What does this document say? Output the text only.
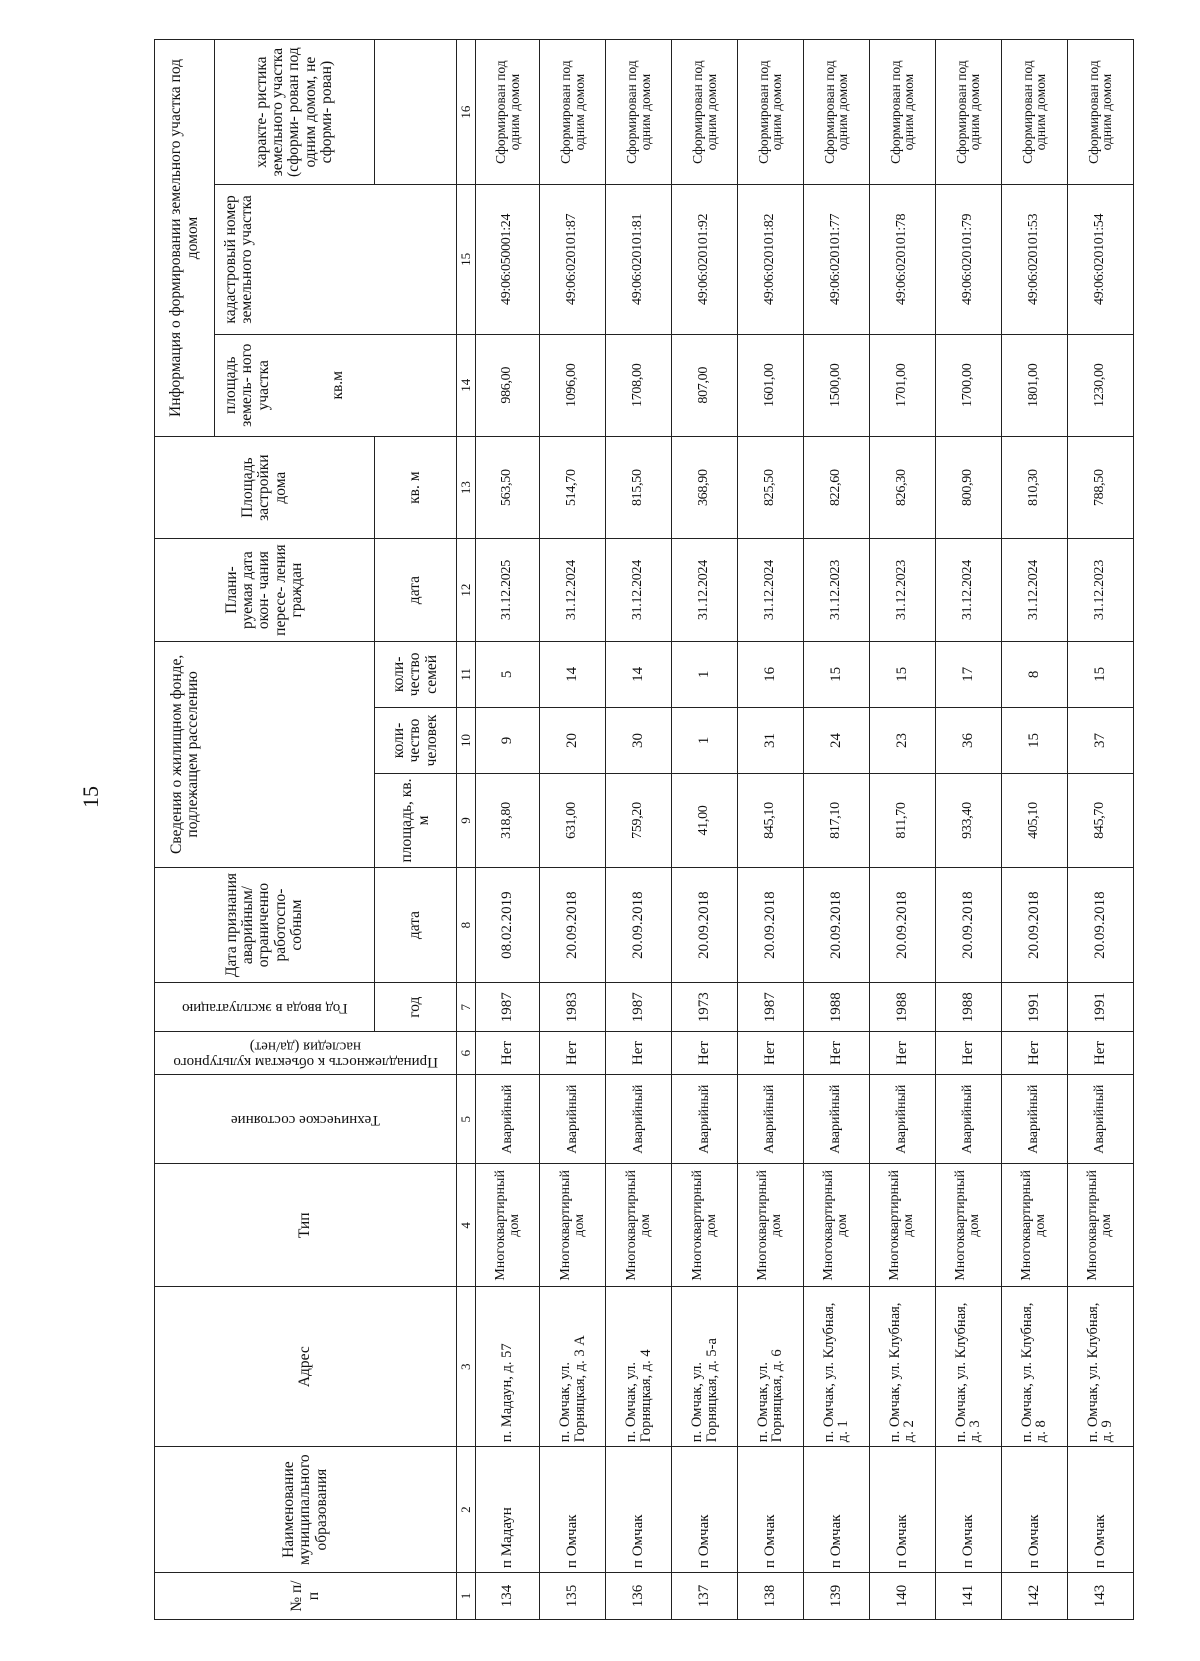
15
№ п/п	Наименование муниципального образования	Адрес	Тип	Техническое состояние	Принадлежность к объектам культурного наследия (да/нет)	Год ввода в эксплуатацию	Дата признания аварийным/ ограниченно работоспо- собным	Сведения о жилищном фонде, подлежащем расселению			Плани- руемая дата окон- чания пересе- ления граждан	Площадь застройки дома	Информация о формировании земельного участка под домом		
													площадь земель- ного участка кв.м	кадастровый номер земельного участка	характе- ристика земельного участка (сформи- рован под одним домом, не сформи- рован)
						год	дата	площадь, кв. м	коли- чество человек	коли- чество семей	дата	кв. м			
1	2	3	4	5	6	7	8	9	10	11	12	13	14	15	16
134	п Мадаун	п. Мадаун, д. 57	Многоквартирный дом	Аварийный	Нет	1987	08.02.2019	318,80	9	5	31.12.2025	563,50	986,00	49:06:050001:24	Сформирован под одним домом
135	п Омчак	п. Омчак, ул. Горняцкая, д. 3 А	Многоквартирный дом	Аварийный	Нет	1983	20.09.2018	631,00	20	14	31.12.2024	514,70	1096,00	49:06:020101:87	Сформирован под одним домом
136	п Омчак	п. Омчак, ул. Горняцкая, д. 4	Многоквартирный дом	Аварийный	Нет	1987	20.09.2018	759,20	30	14	31.12.2024	815,50	1708,00	49:06:020101:81	Сформирован под одним домом
137	п Омчак	п. Омчак, ул. Горняцкая, д. 5-а	Многоквартирный дом	Аварийный	Нет	1973	20.09.2018	41,00	1	1	31.12.2024	368,90	807,00	49:06:020101:92	Сформирован под одним домом
138	п Омчак	п. Омчак, ул. Горняцкая, д. 6	Многоквартирный дом	Аварийный	Нет	1987	20.09.2018	845,10	31	16	31.12.2024	825,50	1601,00	49:06:020101:82	Сформирован под одним домом
139	п Омчак	п. Омчак, ул. Клубная, д. 1	Многоквартирный дом	Аварийный	Нет	1988	20.09.2018	817,10	24	15	31.12.2023	822,60	1500,00	49:06:020101:77	Сформирован под одним домом
140	п Омчак	п. Омчак, ул. Клубная, д. 2	Многоквартирный дом	Аварийный	Нет	1988	20.09.2018	811,70	23	15	31.12.2023	826,30	1701,00	49:06:020101:78	Сформирован под одним домом
141	п Омчак	п. Омчак, ул. Клубная, д. 3	Многоквартирный дом	Аварийный	Нет	1988	20.09.2018	933,40	36	17	31.12.2024	800,90	1700,00	49:06:020101:79	Сформирован под одним домом
142	п Омчак	п. Омчак, ул. Клубная, д. 8	Многоквартирный дом	Аварийный	Нет	1991	20.09.2018	405,10	15	8	31.12.2024	810,30	1801,00	49:06:020101:53	Сформирован под одним домом
143	п Омчак	п. Омчак, ул. Клубная, д. 9	Многоквартирный дом	Аварийный	Нет	1991	20.09.2018	845,70	37	15	31.12.2023	788,50	1230,00	49:06:020101:54	Сформирован под одним домом
